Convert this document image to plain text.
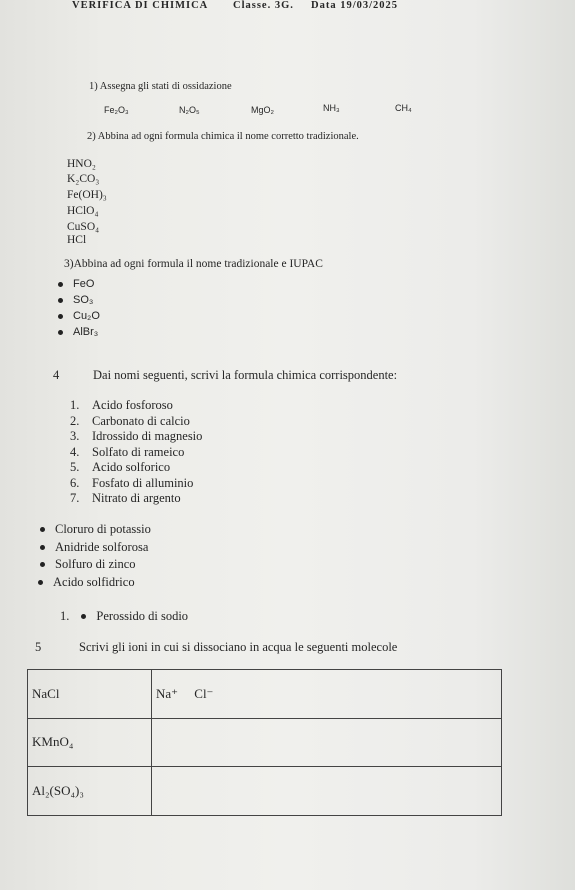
VERIFICA DI CHIMICA Classe. 3G. Data 19/03/2025
1) Assegna gli stati di ossidazione
Fe₂O₃	N₂O₅	MgO₂	NH₃	CH₄
2) Abbina ad ogni formula chimica il nome corretto tradizionale.
HNO₂
K₂CO₃
Fe(OH)₃
HClO₄
CuSO₄
HCl
3)Abbina ad ogni formula il nome tradizionale e IUPAC
FeO
SO₃
Cu₂O
AlBr₃
4	Dai nomi seguenti, scrivi la formula chimica corrispondente:
1.	Acido fosforoso
2.	Carbonato di calcio
3.	Idrossido di magnesio
4.	Solfato di rameico
5.	Acido solforico
6.	Fosfato di alluminio
7.	Nitrato di argento
Cloruro di potassio
Anidride solforosa
Solfuro di zinco
Acido solfidrico
1. Perossido di sodio
5	Scrivi gli ioni in cui si dissociano in acqua le seguenti molecole
NaCl	Na⁺     Cl⁻
KMnO₄	
Al₂(SO₄)₃	
